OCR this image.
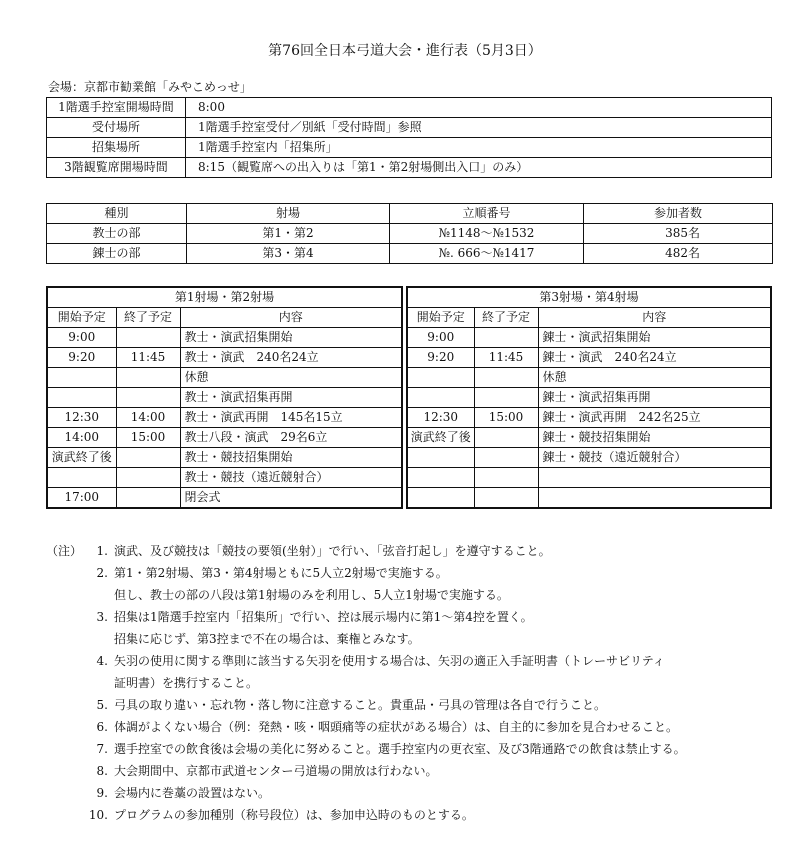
第76回全日本弓道大会・進行表（5月3日）
会場：京都市勧業館「みやこめっせ」
1階選手控室開場時間	8:00
受付場所	1階選手控室受付／別紙「受付時間」参照
招集場所	1階選手控室内「招集所」
3階観覧席開場時間	8:15（観覧席への出入りは「第1・第2射場側出入口」のみ）
種別	射場	立順番号	参加者数
教士の部	第1・第2	№1148～№1532	385名
錬士の部	第3・第4	№. 666～№1417	482名
第1射場・第2射場		
開始予定	終了予定	内容
9:00		教士・演武招集開始
9:20	11:45	教士・演武　240名24立
		休憩
		教士・演武招集再開
12:30	14:00	教士・演武再開　145名15立
14:00	15:00	教士八段・演武　29名6立
演武終了後		教士・競技招集開始
		教士・競技（遠近競射合）
17:00		閉会式
第3射場・第4射場		
開始予定	終了予定	内容
9:00		錬士・演武招集開始
9:20	11:45	錬士・演武　240名24立
		休憩
		錬士・演武招集再開
12:30	15:00	錬士・演武再開　242名25立
演武終了後		錬士・競技招集開始
		錬士・競技（遠近競射合）

（注）	1. 演武、及び競技は「競技の要領(坐射）」で行い、「弦音打起し」を遵守すること。
2. 第1・第2射場、第3・第4射場ともに5人立2射場で実施する。
但し、教士の部の八段は第1射場のみを利用し、5人立1射場で実施する。
3. 招集は1階選手控室内「招集所」で行い、控は展示場内に第1～第4控を置く。
招集に応じず、第3控まで不在の場合は、棄権とみなす。
4. 矢羽の使用に関する準則に該当する矢羽を使用する場合は、矢羽の適正入手証明書（トレーサビリティ
証明書）を携行すること。
5. 弓具の取り違い・忘れ物・落し物に注意すること。貴重品・弓具の管理は各自で行うこと。
6. 体調がよくない場合（例：発熱・咳・咽頭痛等の症状がある場合）は、自主的に参加を見合わせること。
7. 選手控室での飲食後は会場の美化に努めること。選手控室内の更衣室、及び3階通路での飲食は禁止する。
8. 大会期間中、京都市武道センター弓道場の開放は行わない。
9. 会場内に巻藁の設置はない。
10. プログラムの参加種別（称号段位）は、参加申込時のものとする。
